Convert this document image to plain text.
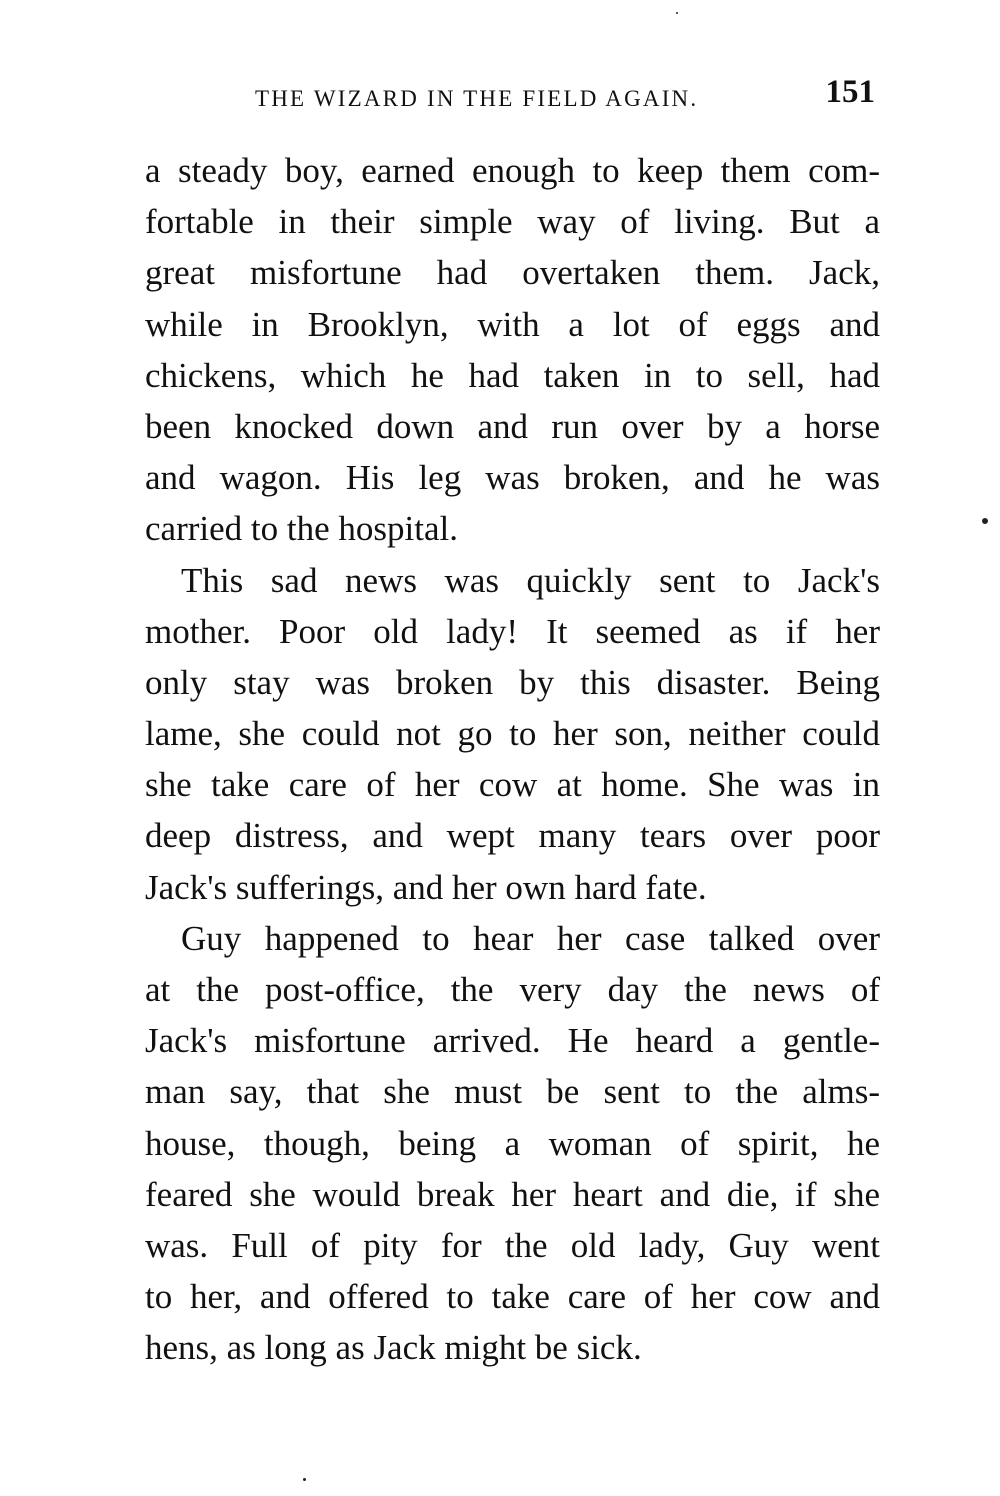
THE WIZARD IN THE FIELD AGAIN.	151

a steady boy, earned enough to keep them com-
fortable in their simple way of living. But a
great misfortune had overtaken them. Jack,
while in Brooklyn, with a lot of eggs and
chickens, which he had taken in to sell, had
been knocked down and run over by a horse
and wagon. His leg was broken, and he was
carried to the hospital.

This sad news was quickly sent to Jack's
mother. Poor old lady! It seemed as if her
only stay was broken by this disaster. Being
lame, she could not go to her son, neither could
she take care of her cow at home. She was in
deep distress, and wept many tears over poor
Jack's sufferings, and her own hard fate.

Guy happened to hear her case talked over
at the post-office, the very day the news of
Jack's misfortune arrived. He heard a gentle-
man say, that she must be sent to the alms-
house, though, being a woman of spirit, he
feared she would break her heart and die, if she
was. Full of pity for the old lady, Guy went
to her, and offered to take care of her cow and
hens, as long as Jack might be sick.
